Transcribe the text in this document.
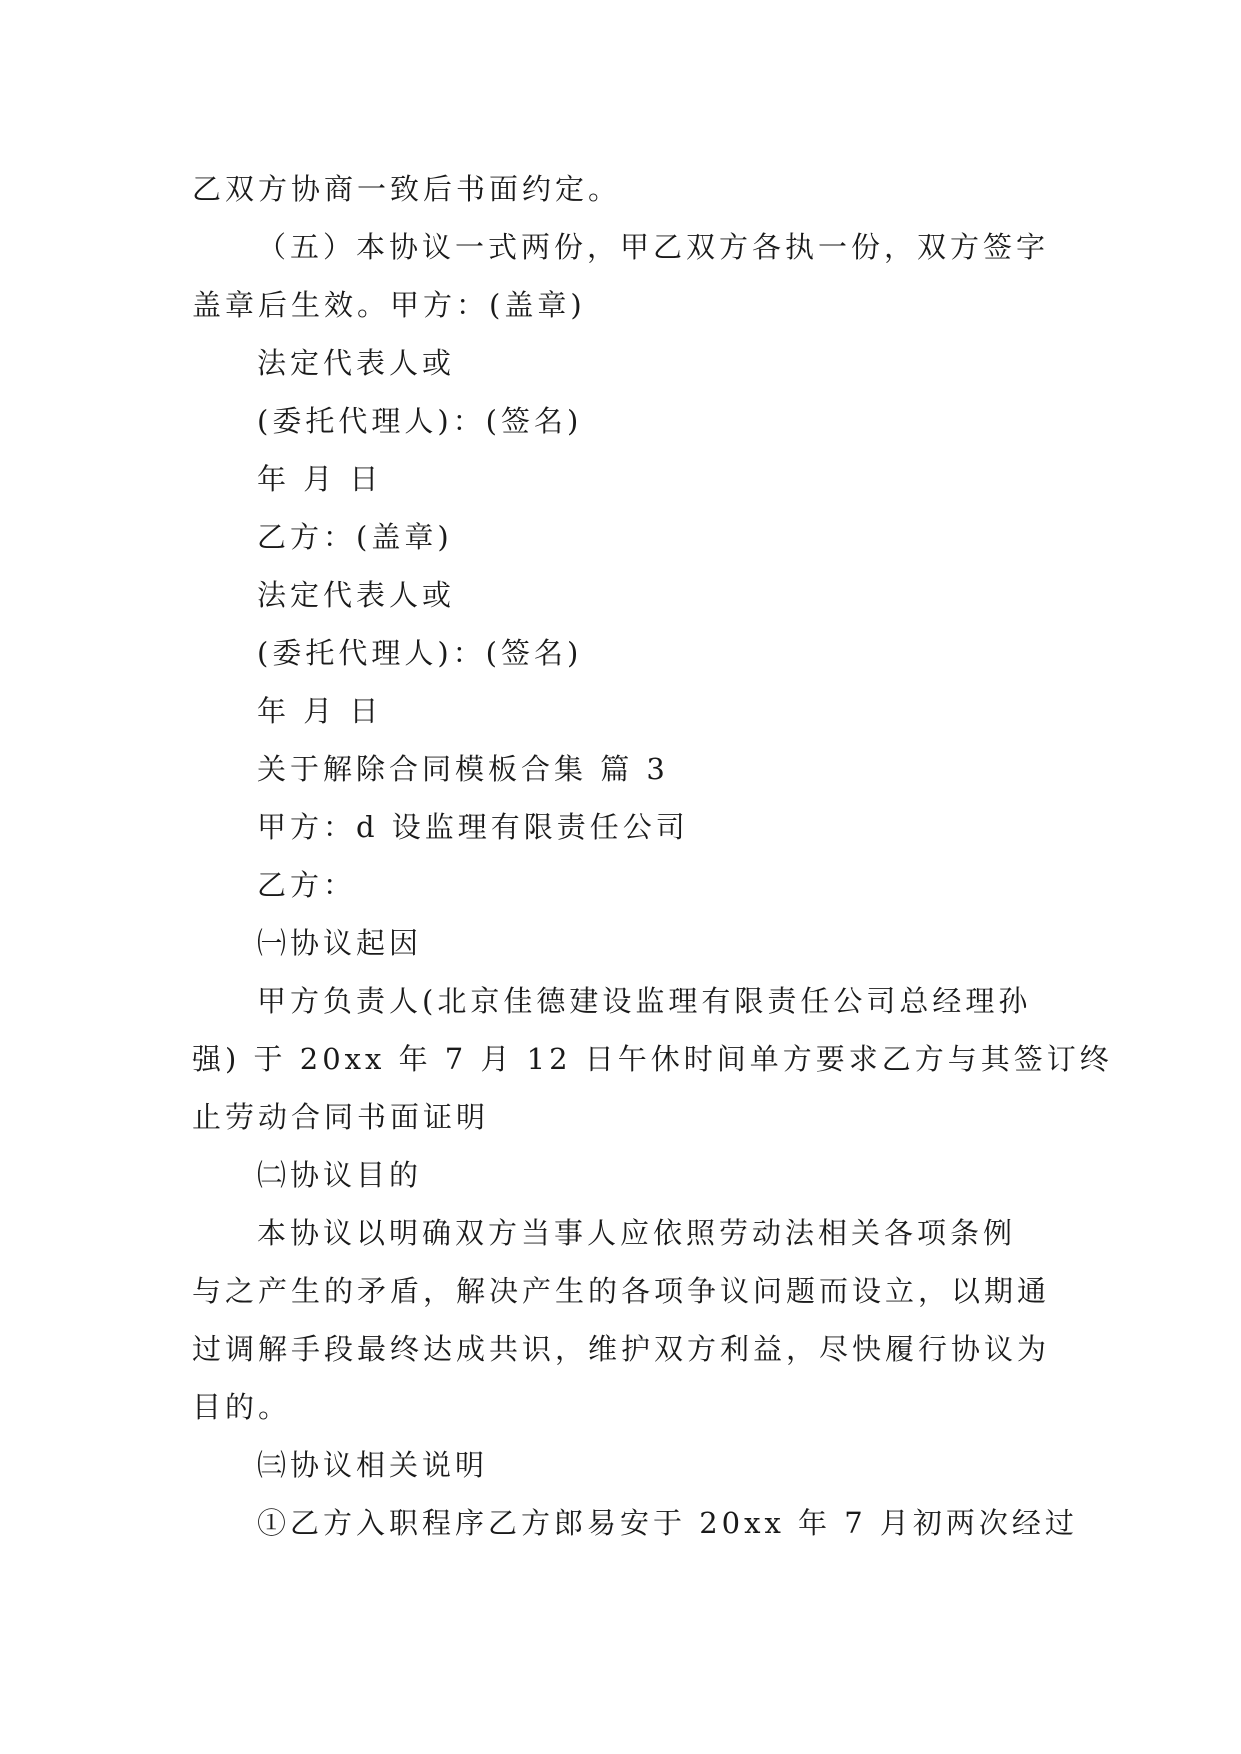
乙双方协商一致后书面约定。
（五）本协议一式两份，甲乙双方各执一份，双方签字
盖章后生效。甲方：(盖章)
法定代表人或
(委托代理人)：(签名)
年 月 日
乙方：(盖章)
法定代表人或
(委托代理人)：(签名)
年 月 日
关于解除合同模板合集 篇 3
甲方：d 设监理有限责任公司
乙方：
㈠协议起因
甲方负责人(北京佳德建设监理有限责任公司总经理孙
强) 于 20xx 年 7 月 12 日午休时间单方要求乙方与其签订终
止劳动合同书面证明
㈡协议目的
本协议以明确双方当事人应依照劳动法相关各项条例
与之产生的矛盾，解决产生的各项争议问题而设立，以期通
过调解手段最终达成共识，维护双方利益，尽快履行协议为
目的。
㈢协议相关说明
①乙方入职程序乙方郎易安于 20xx 年 7 月初两次经过
